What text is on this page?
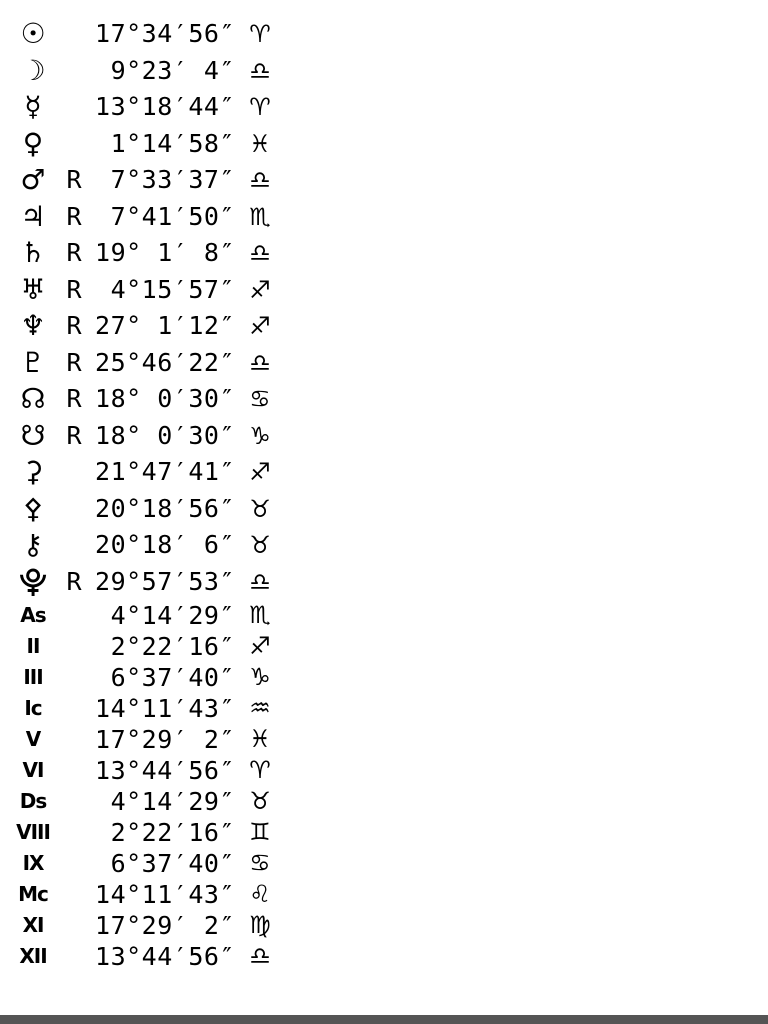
☉ 17°34′56″ ♈
☽	9°23′ 4″ ♎
☿	13°18′44″ ♈
♀	1°14′58″ ♓
♂ R	7°33′37″ ♎
♃ R	7°41′50″ ♏
♄ R 19° 1′ 8″ ♎
♅ R	4°15′57″ ♐
♆ R 27° 1′12″ ♐
♇ R 25°46′22″ ♎
☊ R 18° 0′30″ ♋
☋ R 18° 0′30″ ♑
⚳	21°47′41″ ♐
⚴	20°18′56″ ♉
⚷	20°18′ 6″ ♉
⯓ R 29°57′53″ ♎
As	4°14′29″ ♏
II	2°22′16″ ♐
III	6°37′40″ ♑
Ic	14°11′43″ ♒
V	17°29′ 2″ ♓
VI	13°44′56″ ♈
Ds	4°14′29″ ♉
VIII	2°22′16″ ♊
IX	6°37′40″ ♋
Mc 14°11′43″ ♌
XI	17°29′ 2″ ♍
XII 13°44′56″ ♎
